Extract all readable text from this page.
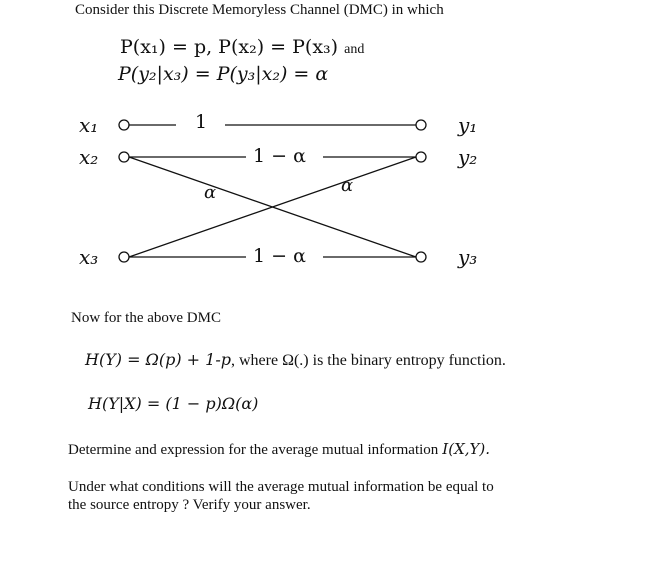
Consider this Discrete Memoryless Channel (DMC) in which
P(x₁) = p, P(x₂) = P(x₃) and
P(y₂|x₃) = P(y₃|x₂) = α
x₁
x₂
x₃
y₁
y₂
y₃
1
1 − α
1 − α
α	α
Now for the above DMC
H(Y) = Ω(p) + 1-p, where Ω(.) is the binary entropy function.
H(Y|X) = (1 − p)Ω(α)
Determine and expression for the average mutual information I(X,Y).
Under what conditions will the average mutual information be equal to
the source entropy ? Verify your answer.
